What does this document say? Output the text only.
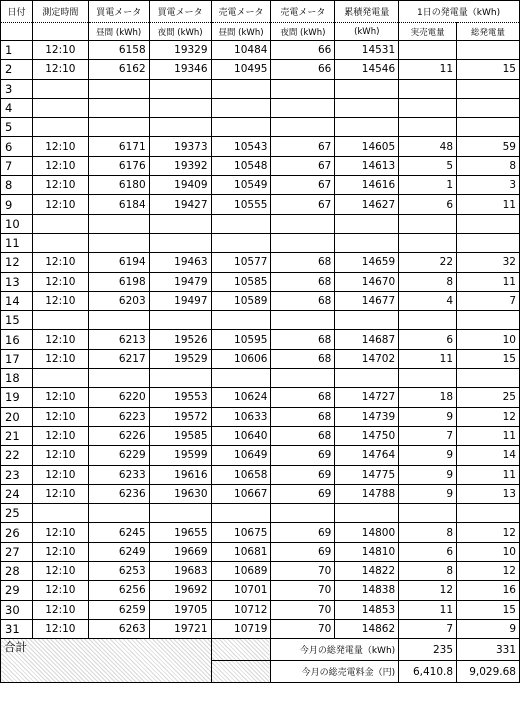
日付	測定時間	買電メータ	買電メータ	売電メータ	売電メータ	累積発電量	1日の発電量（kWh)	
		昼間 (kWh)	夜間 (kWh)	昼間 (kWh)	夜間 (kWh)	(kWh)	実売電量	総発電量
1	12:10	6158	19329	10484	66	14531		
2	12:10	6162	19346	10495	66	14546	11	15
3								
4								
5								
6	12:10	6171	19373	10543	67	14605	48	59
7	12:10	6176	19392	10548	67	14613	5	8
8	12:10	6180	19409	10549	67	14616	1	3
9	12:10	6184	19427	10555	67	14627	6	11
10								
11								
12	12:10	6194	19463	10577	68	14659	22	32
13	12:10	6198	19479	10585	68	14670	8	11
14	12:10	6203	19497	10589	68	14677	4	7
15								
16	12:10	6213	19526	10595	68	14687	6	10
17	12:10	6217	19529	10606	68	14702	11	15
18								
19	12:10	6220	19553	10624	68	14727	18	25
20	12:10	6223	19572	10633	68	14739	9	12
21	12:10	6226	19585	10640	68	14750	7	11
22	12:10	6229	19599	10649	69	14764	9	14
23	12:10	6233	19616	10658	69	14775	9	11
24	12:10	6236	19630	10667	69	14788	9	13
25								
26	12:10	6245	19655	10675	69	14800	8	12
27	12:10	6249	19669	10681	69	14810	6	10
28	12:10	6253	19683	10689	70	14822	8	12
29	12:10	6256	19692	10701	70	14838	12	16
30	12:10	6259	19705	10712	70	14853	11	15
31	12:10	6263	19721	10719	70	14862	7	9
合計					今月の総発電量（kWh)		235	331
					今月の総売電料金（円)		6,410.8	9,029.68
